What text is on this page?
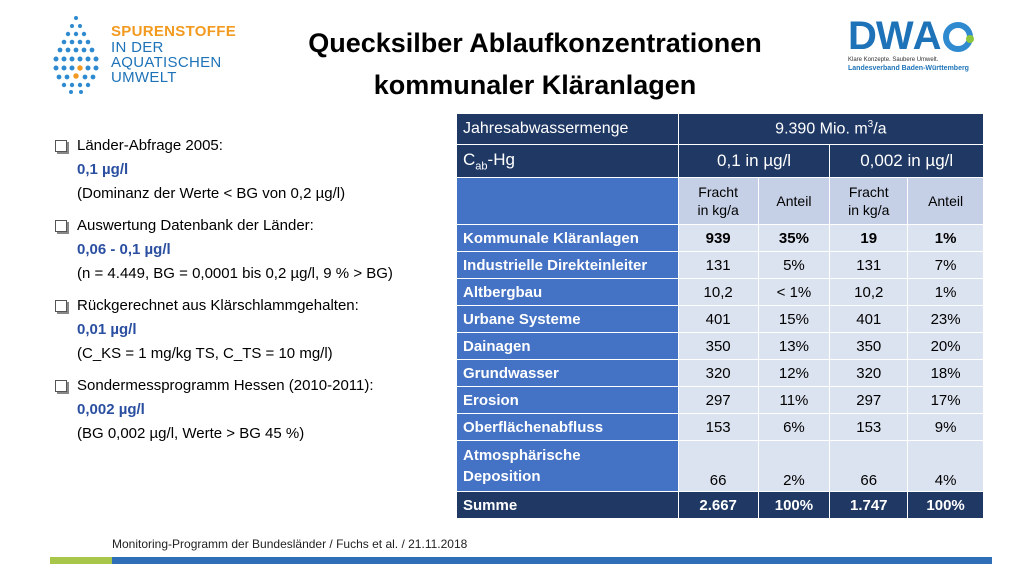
SPURENSTOFFE
IN DER
AQUATISCHEN
UMWELT
Quecksilber Ablaufkonzentrationen
kommunaler Kläranlagen
DW A
Klare Konzepte. Saubere Umwelt.
Landesverband Baden-Württemberg
Länder-Abfrage 2005:
0,1 µg/l
(Dominanz der Werte < BG von 0,2 µg/l)
Auswertung Datenbank der Länder:
0,06 - 0,1 µg/l
(n = 4.449, BG = 0,0001 bis 0,2 µg/l, 9 % > BG)
Rückgerechnet aus Klärschlammgehalten:
0,01 µg/l
(C_KS = 1 mg/kg TS, C_TS = 10 mg/l)
Sondermessprogramm Hessen (2010-2011):
0,002 µg/l
(BG 0,002 µg/l, Werte > BG 45 %)
Jahresabwassermenge	9.390 Mio. $m^3/a$			
$C_{ab}-Hg$	0,1 in µg/l		0,002 in µg/l	
	Fracht
in kg/a	Anteil	Fracht
in kg/a	Anteil
Kommunale Kläranlagen	939	35%	19	1%
Industrielle Direkteinleiter	131	5%	131	7%
Altbergbau	10,2	< 1%	10,2	1%
Urbane Systeme	401	15%	401	23%
Dainagen	350	13%	350	20%
Grundwasser	320	12%	320	18%
Erosion	297	11%	297	17%
Oberflächenabfluss	153	6%	153	9%
Atmosphärische
Deposition	66	2%	66	4%
Summe	2.667	100%	1.747	100%
Monitoring-Programm der Bundesländer / Fuchs et al. / 21.11.2018
